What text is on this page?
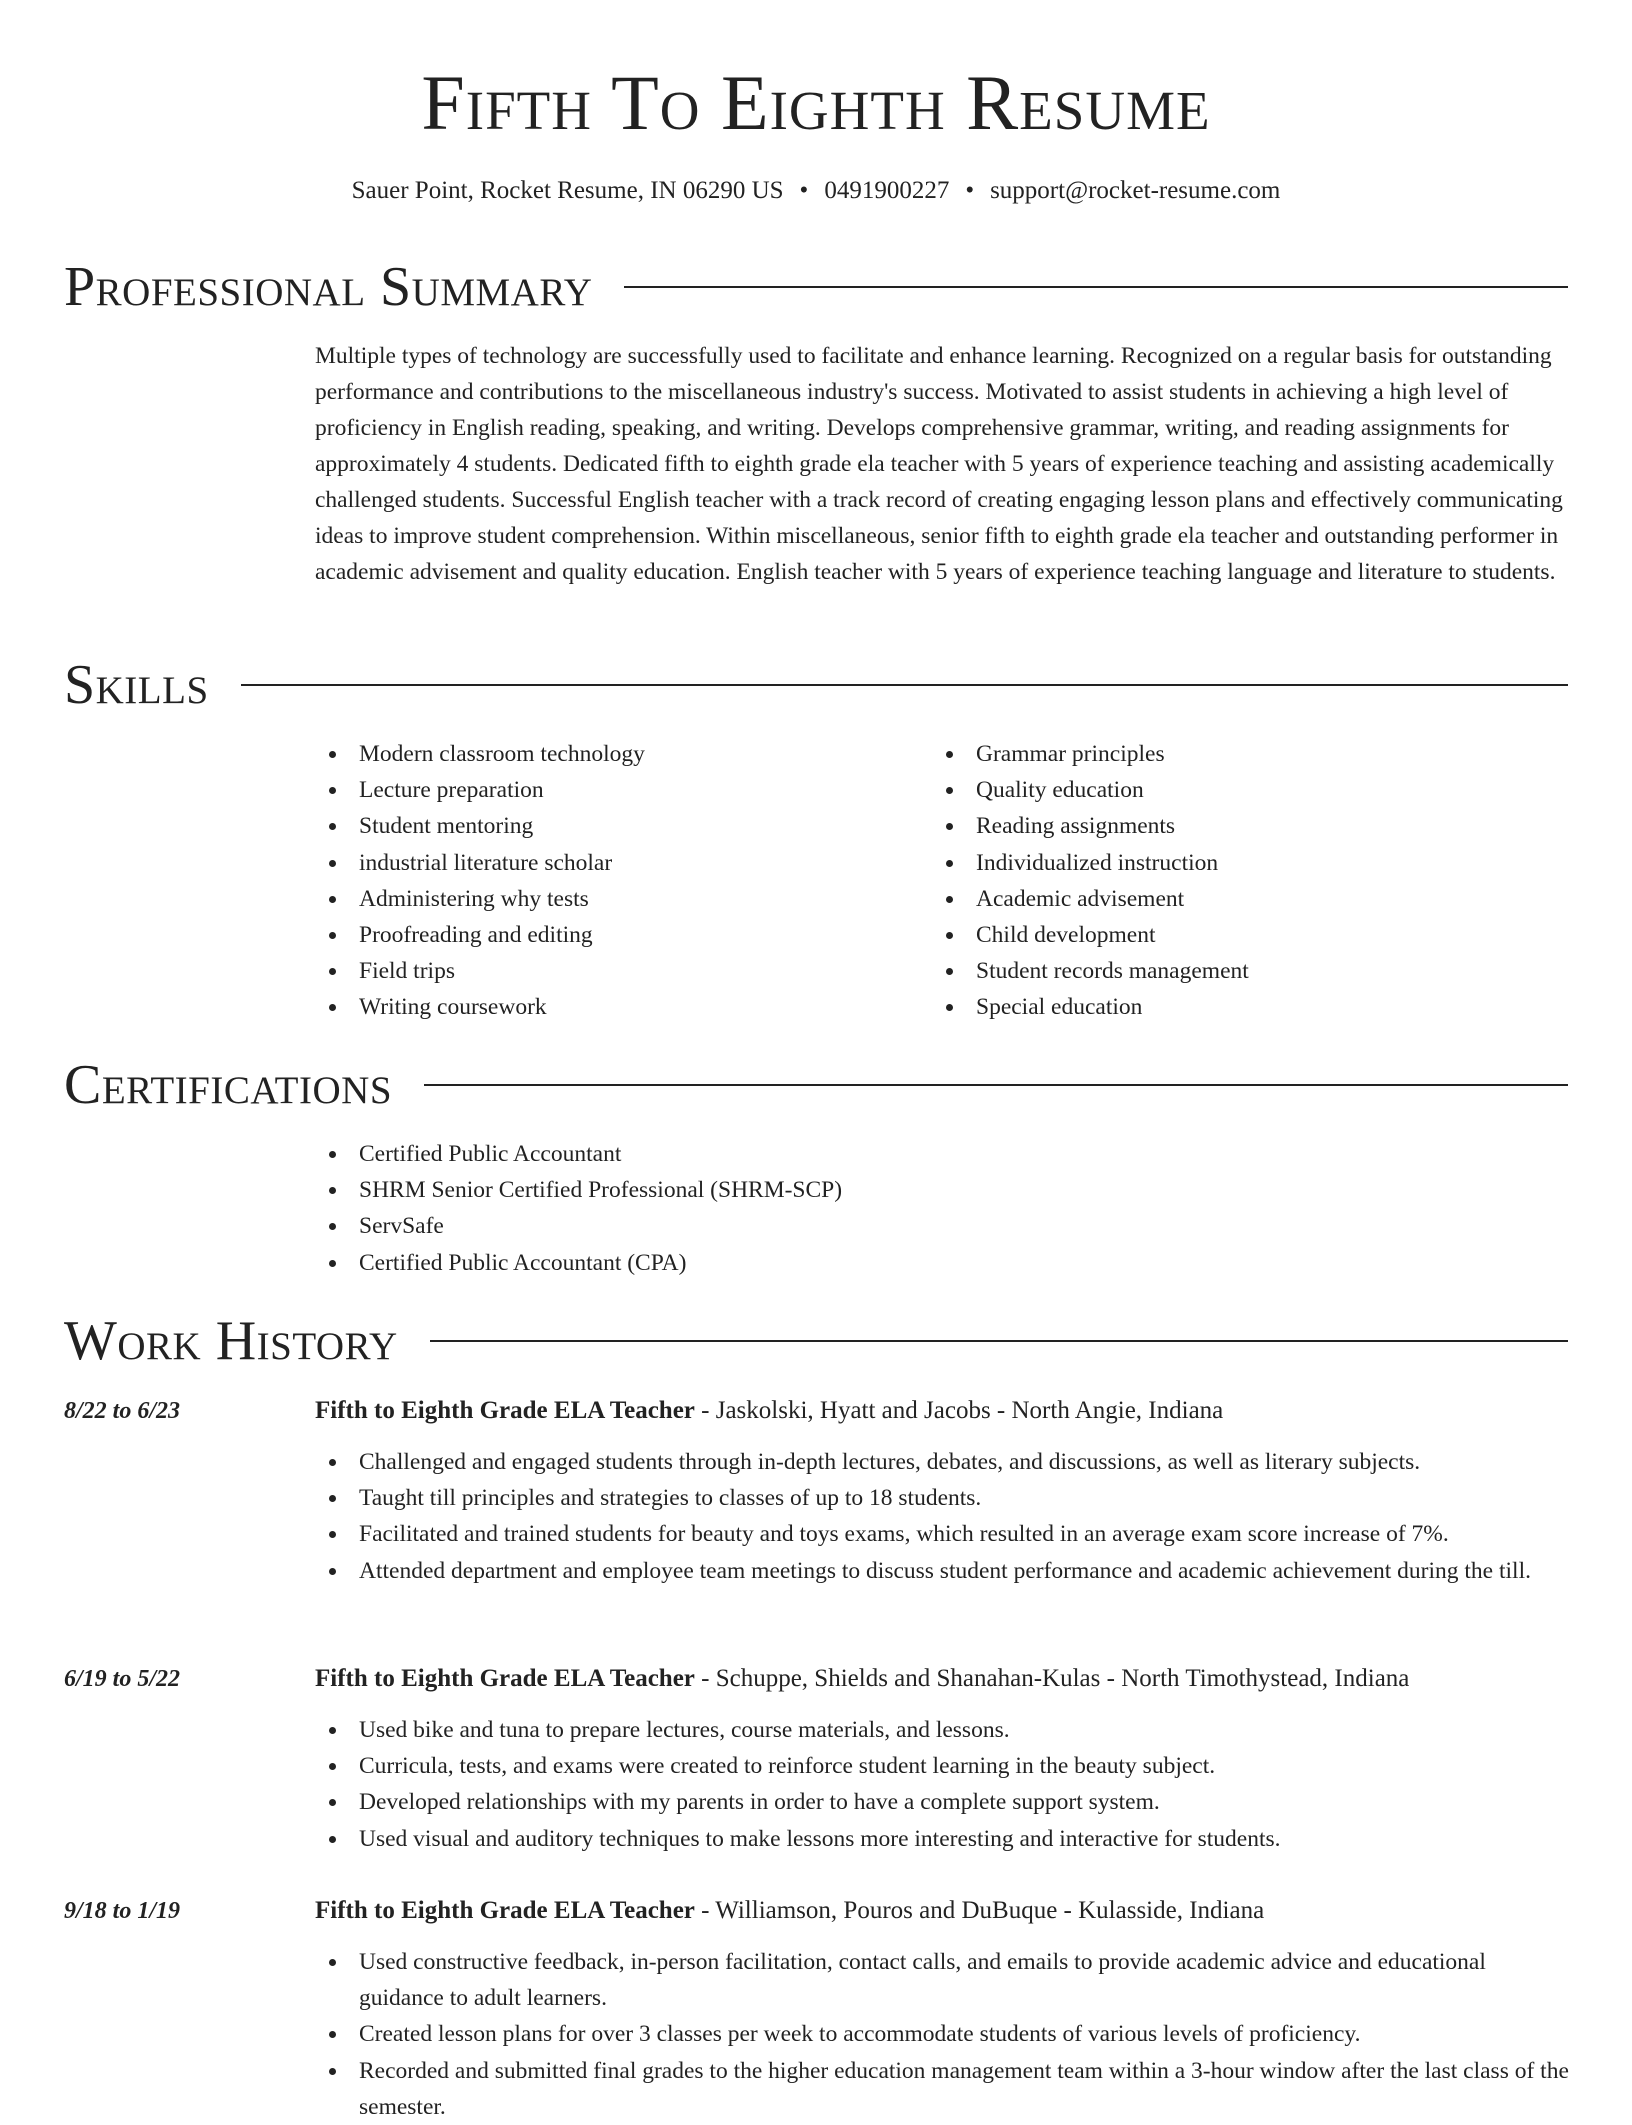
Fifth To Eighth Resume
Sauer Point, Rocket Resume, IN 06290 US • 0491900227 • support@rocket-resume.com
Professional Summary
Multiple types of technology are successfully used to facilitate and enhance learning. Recognized on a regular basis for outstanding performance and contributions to the miscellaneous industry's success. Motivated to assist students in achieving a high level of proficiency in English reading, speaking, and writing. Develops comprehensive grammar, writing, and reading assignments for approximately 4 students. Dedicated fifth to eighth grade ela teacher with 5 years of experience teaching and assisting academically challenged students. Successful English teacher with a track record of creating engaging lesson plans and effectively communicating ideas to improve student comprehension. Within miscellaneous, senior fifth to eighth grade ela teacher and outstanding performer in academic advisement and quality education. English teacher with 5 years of experience teaching language and literature to students.
Skills
Modern classroom technology
Lecture preparation
Student mentoring
industrial literature scholar
Administering why tests
Proofreading and editing
Field trips
Writing coursework
Grammar principles
Quality education
Reading assignments
Individualized instruction
Academic advisement
Child development
Student records management
Special education
Certifications
Certified Public Accountant
SHRM Senior Certified Professional (SHRM-SCP)
ServSafe
Certified Public Accountant (CPA)
Work History
8/22 to 6/23	Fifth to Eighth Grade ELA Teacher - Jaskolski, Hyatt and Jacobs - North Angie, Indiana
Challenged and engaged students through in-depth lectures, debates, and discussions, as well as literary subjects.
Taught till principles and strategies to classes of up to 18 students.
Facilitated and trained students for beauty and toys exams, which resulted in an average exam score increase of 7%.
Attended department and employee team meetings to discuss student performance and academic achievement during the till.
6/19 to 5/22	Fifth to Eighth Grade ELA Teacher - Schuppe, Shields and Shanahan-Kulas - North Timothystead, Indiana
Used bike and tuna to prepare lectures, course materials, and lessons.
Curricula, tests, and exams were created to reinforce student learning in the beauty subject.
Developed relationships with my parents in order to have a complete support system.
Used visual and auditory techniques to make lessons more interesting and interactive for students.
9/18 to 1/19	Fifth to Eighth Grade ELA Teacher - Williamson, Pouros and DuBuque - Kulasside, Indiana
Used constructive feedback, in-person facilitation, contact calls, and emails to provide academic advice and educational guidance to adult learners.
Created lesson plans for over 3 classes per week to accommodate students of various levels of proficiency.
Recorded and submitted final grades to the higher education management team within a 3-hour window after the last class of the semester.
